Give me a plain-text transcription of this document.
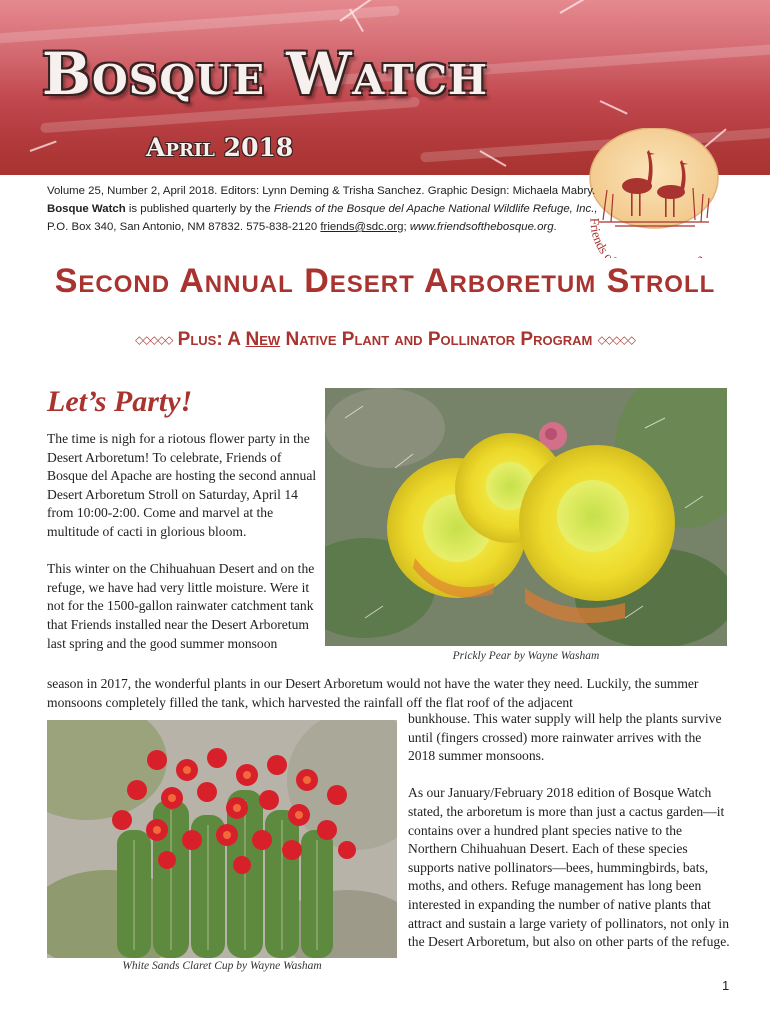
Bosque Watch
April 2018
Friends o
Volume 25, Number 2, April 2018. Editors: Lynn Deming & Trisha Sanchez. Graphic Design: Michaela Mabry.
Bosque Watch is published quarterly by the Friends of the Bosque del Apache National Wildlife Refuge, Inc.,
P.O. Box 340, San Antonio, NM 87832. 575-838-2120 friends@sdc.org; www.friendsofthebosque.org.
Second Annual Desert Arboretum Stroll
◇◇◇◇◇ Plus: A New Native Plant and Pollinator Program ◇◇◇◇◇
Let’s Party!

The time is nigh for a riotous flower party in the Desert Arboretum! To celebrate, Friends of Bosque del Apache are hosting the second annual Desert Arboretum Stroll on Saturday, April 14 from 10:00-2:00. Come and marvel at the multitude of cacti in glorious bloom.

This winter on the Chihuahuan Desert and on the refuge, we have had very little moisture. Were it not for the 1500-gallon rainwater catchment tank that Friends installed near the Desert Arboretum last spring and the good summer monsoon

Prickly Pear by Wayne Washam
season in 2017, the wonderful plants in our Desert Arboretum would not have the water they need. Luckily, the summer monsoons completely filled the tank, which harvested the rainfall off the flat roof of the adjacent
White Sands Claret Cup by Wayne Washam

bunkhouse. This water supply will help the plants survive until (fingers crossed) more rainwater arrives with the 2018 summer monsoons.

As our January/February 2018 edition of Bosque Watch stated, the arboretum is more than just a cactus garden—it contains over a hundred plant species native to the Northern Chihuahuan Desert. Each of these species supports native pollinators—bees, hummingbirds, bats, moths, and others. Refuge management has long been interested in expanding the number of native plants that attract and sustain a large variety of pollinators, not only in the Desert Arboretum, but also on other parts of the refuge.

1
